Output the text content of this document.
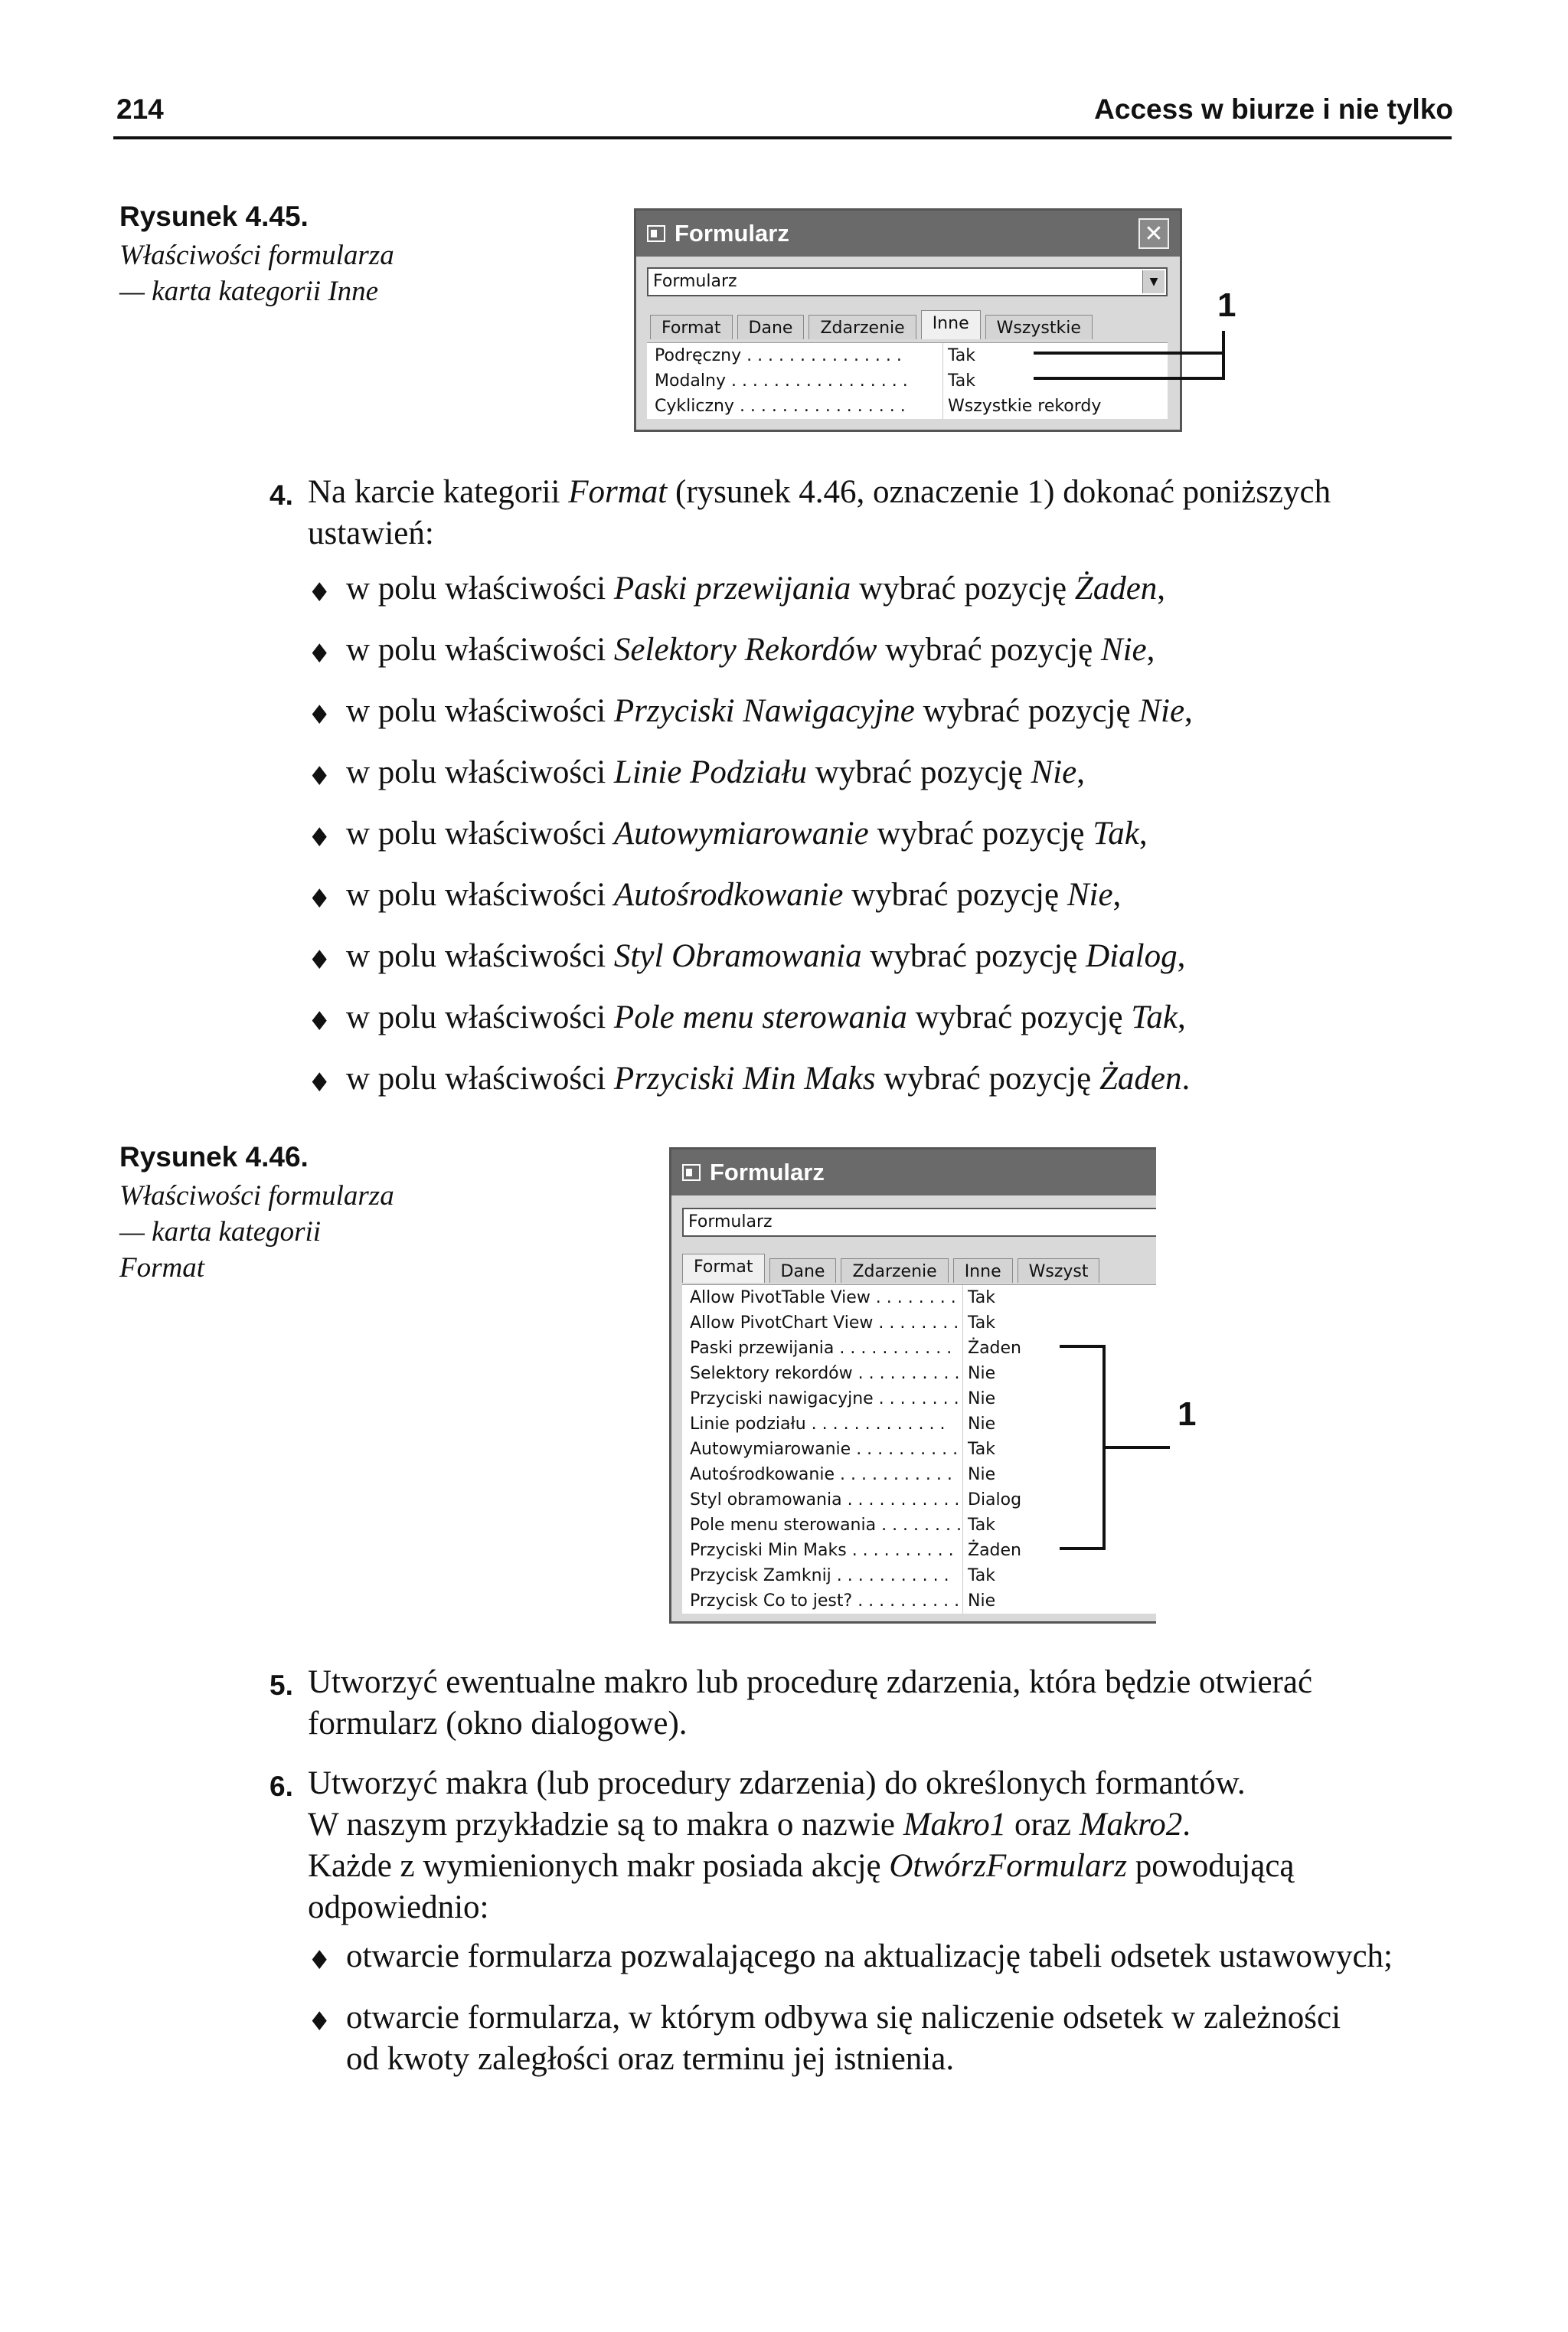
214	Access w biurze i nie tylko
Rysunek 4.45.
Właściwości formularza
— karta kategorii Inne
Formularz	✕
Formularz	▼
Format	Dane	Zdarzenie	Inne	Wszystkie
Podręczny . . . . . . . . . . . . . . .	Tak
Modalny . . . . . . . . . . . . . . . . .	Tak
Cykliczny . . . . . . . . . . . . . . . .	Wszystkie rekordy
1
4. Na karcie kategorii Format (rysunek 4.46, oznaczenie 1) dokonać poniższych
ustawień:
♦ w polu właściwości Paski przewijania wybrać pozycję Żaden,
♦ w polu właściwości Selektory Rekordów wybrać pozycję Nie,
♦ w polu właściwości Przyciski Nawigacyjne wybrać pozycję Nie,
♦ w polu właściwości Linie Podziału wybrać pozycję Nie,
♦ w polu właściwości Autowymiarowanie wybrać pozycję Tak,
♦ w polu właściwości Autośrodkowanie wybrać pozycję Nie,
♦ w polu właściwości Styl Obramowania wybrać pozycję Dialog,
♦ w polu właściwości Pole menu sterowania wybrać pozycję Tak,
♦ w polu właściwości Przyciski Min Maks wybrać pozycję Żaden.
Rysunek 4.46.
Właściwości formularza
— karta kategorii
Format
Formularz
Formularz
Format	Dane	Zdarzenie	Inne	Wszyst
Allow PivotTable View . . . . . . . . Tak
Allow PivotChart View . . . . . . . . Tak
Paski przewijania . . . . . . . . . . . Żaden
Selektory rekordów . . . . . . . . . . Nie
Przyciski nawigacyjne . . . . . . . . Nie
Linie podziału . . . . . . . . . . . . .	Nie
Autowymiarowanie . . . . . . . . . . Tak
Autośrodkowanie . . . . . . . . . . . Nie
Styl obramowania . . . . . . . . . . . Dialog
Pole menu sterowania . . . . . . . . Tak
Przyciski Min Maks . . . . . . . . . . Żaden
Przycisk Zamknij . . . . . . . . . . .	Tak
Przycisk Co to jest? . . . . . . . . . . Nie
1
5. Utworzyć ewentualne makro lub procedurę zdarzenia, która będzie otwierać
formularz (okno dialogowe).
6. Utworzyć makra (lub procedury zdarzenia) do określonych formantów.
W naszym przykładzie są to makra o nazwie Makro1 oraz Makro2.
Każde z wymienionych makr posiada akcję OtwórzFormularz powodującą
odpowiednio:
♦ otwarcie formularza pozwalającego na aktualizację tabeli odsetek ustawowych;
♦ otwarcie formularza, w którym odbywa się naliczenie odsetek w zależności
od kwoty zaległości oraz terminu jej istnienia.
